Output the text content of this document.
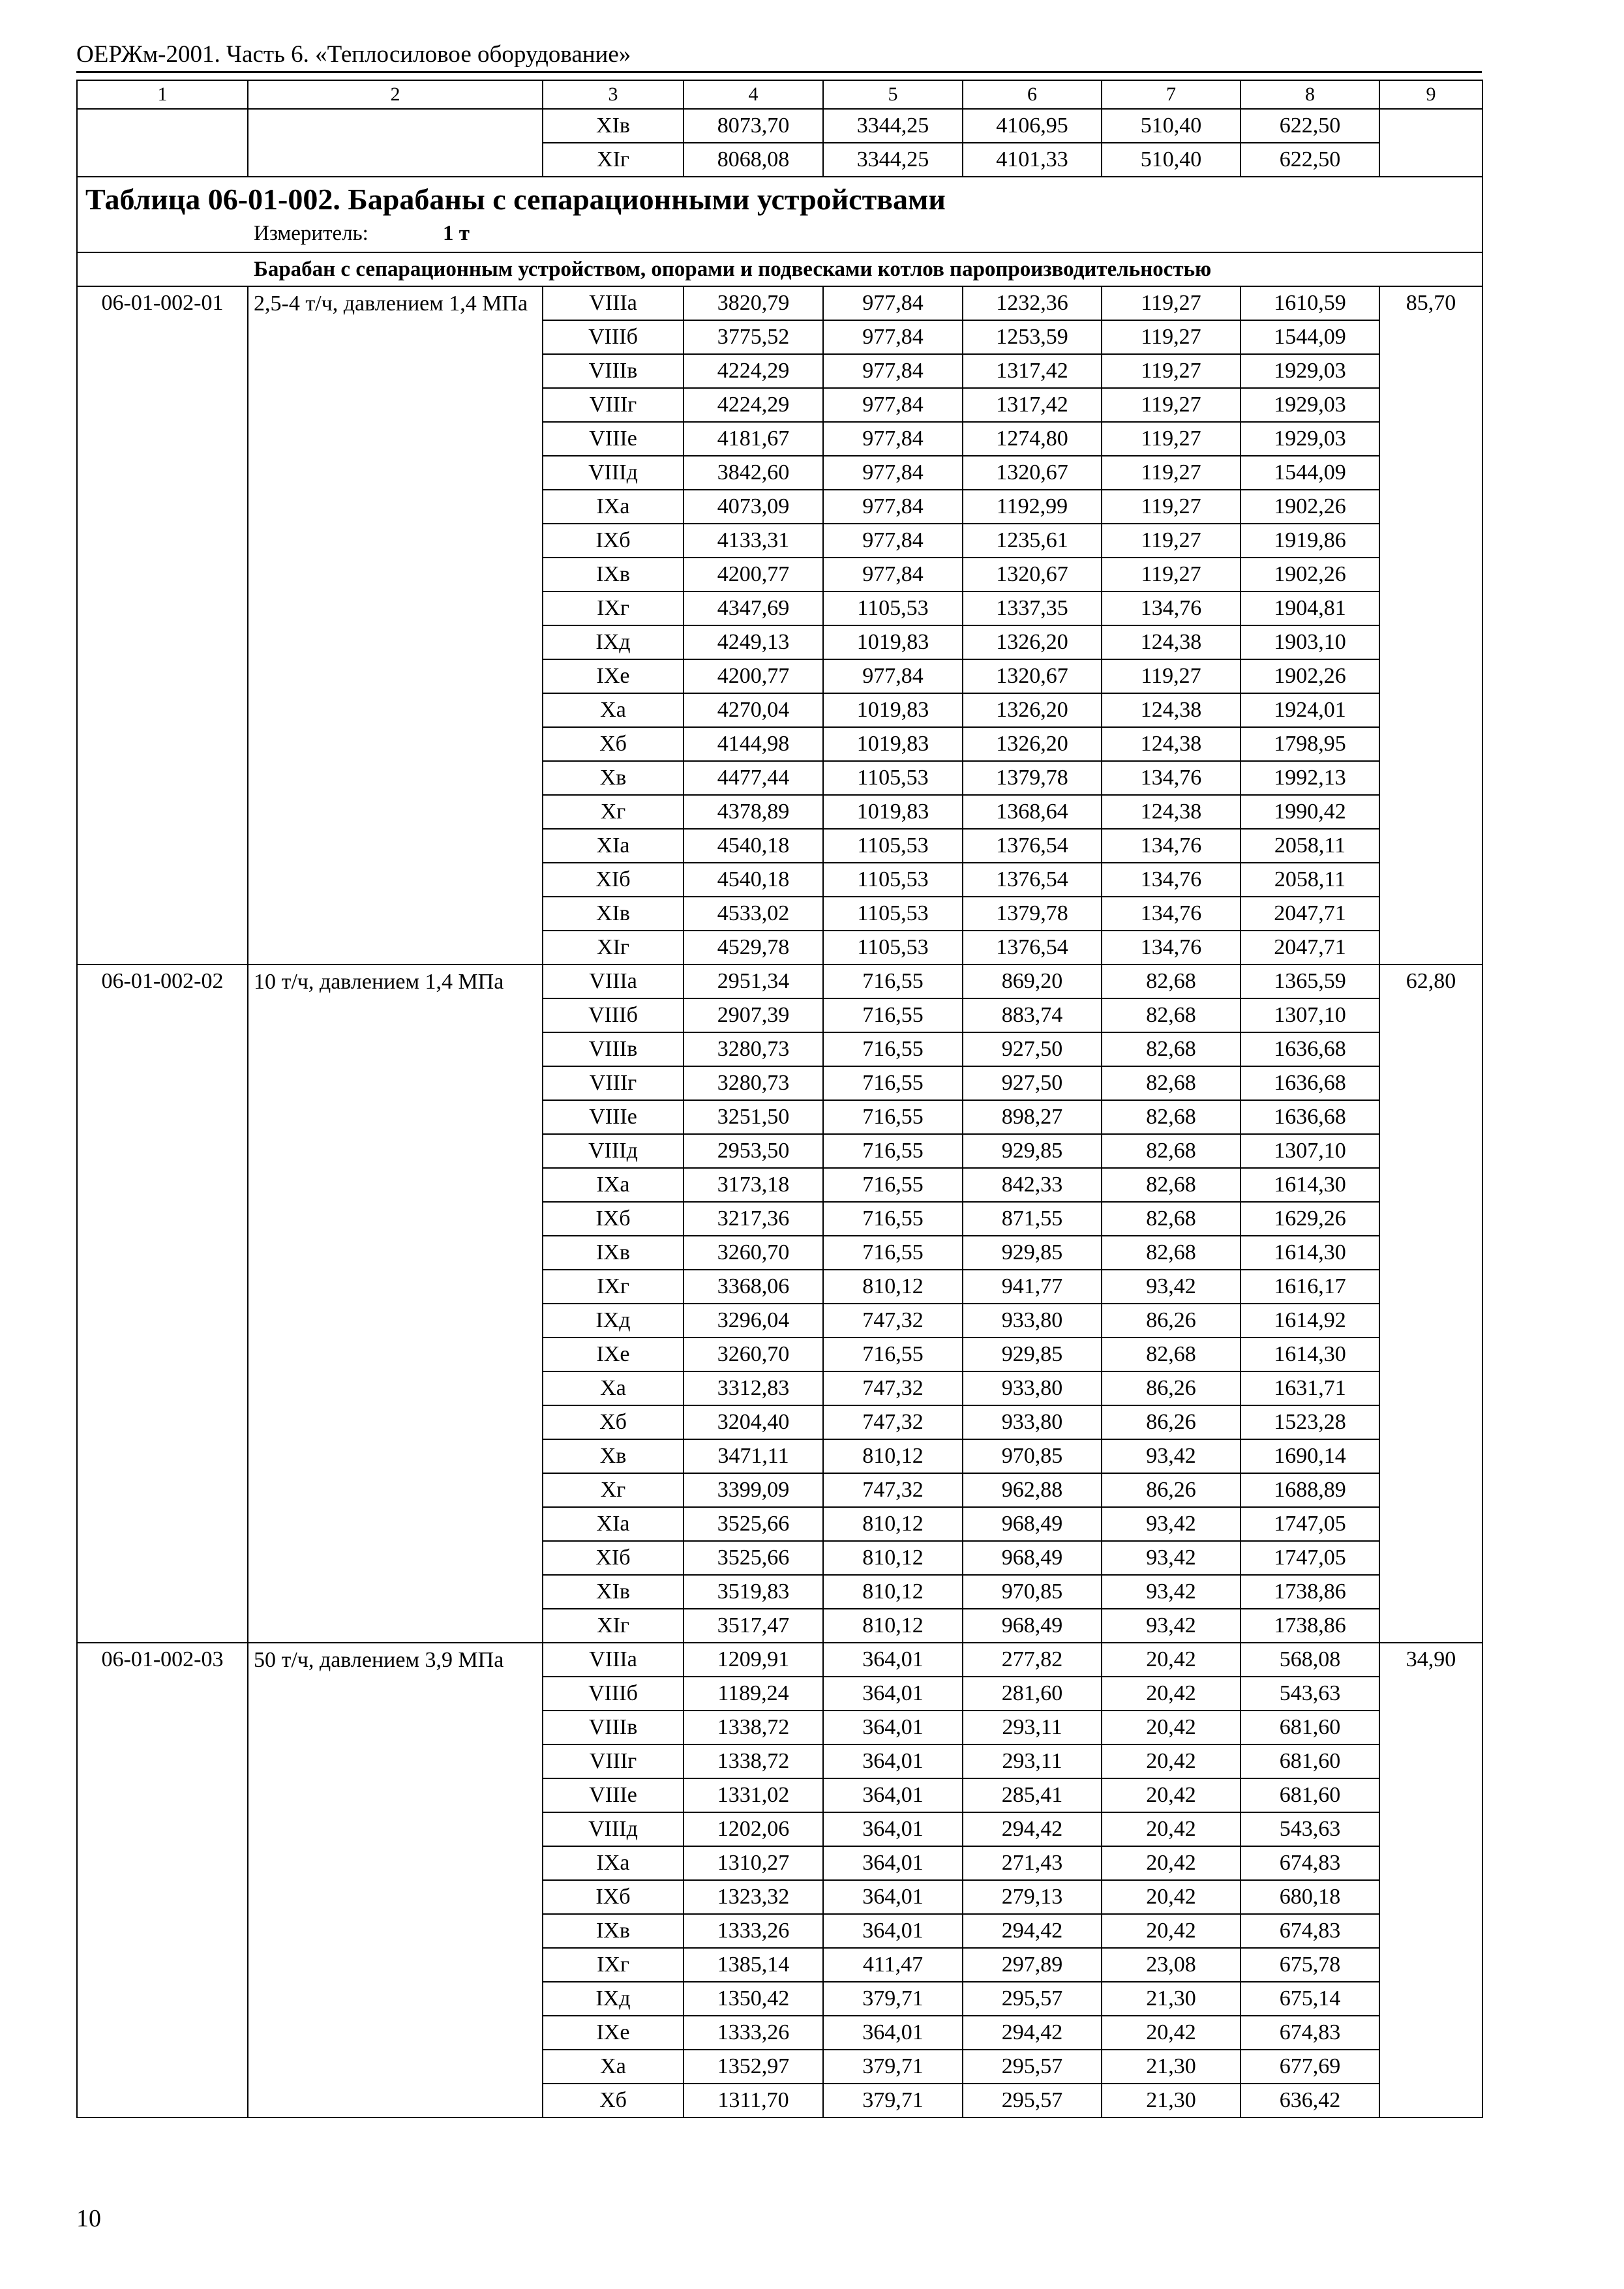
ОЕРЖм-2001. Часть 6. «Теплосиловое оборудование»
1	2	3	4	5	6	7	8	9
		XIв	8073,70	3344,25	4106,95	510,40	622,50	
		XIг	8068,08	3344,25	4101,33	510,40	622,50	

Таблица 06-01-002. Барабаны с сепарационными устройствами
Измеритель: 1 т								

Барабан с сепарационным устройством, опорами и подвесками котлов паропроизводительностью								
06-01-002-01	2,5-4 т/ч, давлением 1,4 МПа	VIIIа	3820,79	977,84	1232,36	119,27	1610,59	85,70
		VIIIб	3775,52	977,84	1253,59	119,27	1544,09	
		VIIIв	4224,29	977,84	1317,42	119,27	1929,03	
		VIIIг	4224,29	977,84	1317,42	119,27	1929,03	
		VIIIе	4181,67	977,84	1274,80	119,27	1929,03	
		VIIIд	3842,60	977,84	1320,67	119,27	1544,09	
		IXа	4073,09	977,84	1192,99	119,27	1902,26	
		IXб	4133,31	977,84	1235,61	119,27	1919,86	
		IXв	4200,77	977,84	1320,67	119,27	1902,26	
		IXг	4347,69	1105,53	1337,35	134,76	1904,81	
		IXд	4249,13	1019,83	1326,20	124,38	1903,10	
		IXе	4200,77	977,84	1320,67	119,27	1902,26	
		Xа	4270,04	1019,83	1326,20	124,38	1924,01	
		Xб	4144,98	1019,83	1326,20	124,38	1798,95	
		Xв	4477,44	1105,53	1379,78	134,76	1992,13	
		Xг	4378,89	1019,83	1368,64	124,38	1990,42	
		XIа	4540,18	1105,53	1376,54	134,76	2058,11	
		XIб	4540,18	1105,53	1376,54	134,76	2058,11	
		XIв	4533,02	1105,53	1379,78	134,76	2047,71	
		XIг	4529,78	1105,53	1376,54	134,76	2047,71	
06-01-002-02	10 т/ч, давлением 1,4 МПа	VIIIа	2951,34	716,55	869,20	82,68	1365,59	62,80
		VIIIб	2907,39	716,55	883,74	82,68	1307,10	
		VIIIв	3280,73	716,55	927,50	82,68	1636,68	
		VIIIг	3280,73	716,55	927,50	82,68	1636,68	
		VIIIе	3251,50	716,55	898,27	82,68	1636,68	
		VIIIд	2953,50	716,55	929,85	82,68	1307,10	
		IXа	3173,18	716,55	842,33	82,68	1614,30	
		IXб	3217,36	716,55	871,55	82,68	1629,26	
		IXв	3260,70	716,55	929,85	82,68	1614,30	
		IXг	3368,06	810,12	941,77	93,42	1616,17	
		IXд	3296,04	747,32	933,80	86,26	1614,92	
		IXе	3260,70	716,55	929,85	82,68	1614,30	
		Xа	3312,83	747,32	933,80	86,26	1631,71	
		Xб	3204,40	747,32	933,80	86,26	1523,28	
		Xв	3471,11	810,12	970,85	93,42	1690,14	
		Xг	3399,09	747,32	962,88	86,26	1688,89	
		XIа	3525,66	810,12	968,49	93,42	1747,05	
		XIб	3525,66	810,12	968,49	93,42	1747,05	
		XIв	3519,83	810,12	970,85	93,42	1738,86	
		XIг	3517,47	810,12	968,49	93,42	1738,86	
06-01-002-03	50 т/ч, давлением 3,9 МПа	VIIIа	1209,91	364,01	277,82	20,42	568,08	34,90
		VIIIб	1189,24	364,01	281,60	20,42	543,63	
		VIIIв	1338,72	364,01	293,11	20,42	681,60	
		VIIIг	1338,72	364,01	293,11	20,42	681,60	
		VIIIе	1331,02	364,01	285,41	20,42	681,60	
		VIIIд	1202,06	364,01	294,42	20,42	543,63	
		IXа	1310,27	364,01	271,43	20,42	674,83	
		IXб	1323,32	364,01	279,13	20,42	680,18	
		IXв	1333,26	364,01	294,42	20,42	674,83	
		IXг	1385,14	411,47	297,89	23,08	675,78	
		IXд	1350,42	379,71	295,57	21,30	675,14	
		IXе	1333,26	364,01	294,42	20,42	674,83	
		Xа	1352,97	379,71	295,57	21,30	677,69	
		Xб	1311,70	379,71	295,57	21,30	636,42	
10
